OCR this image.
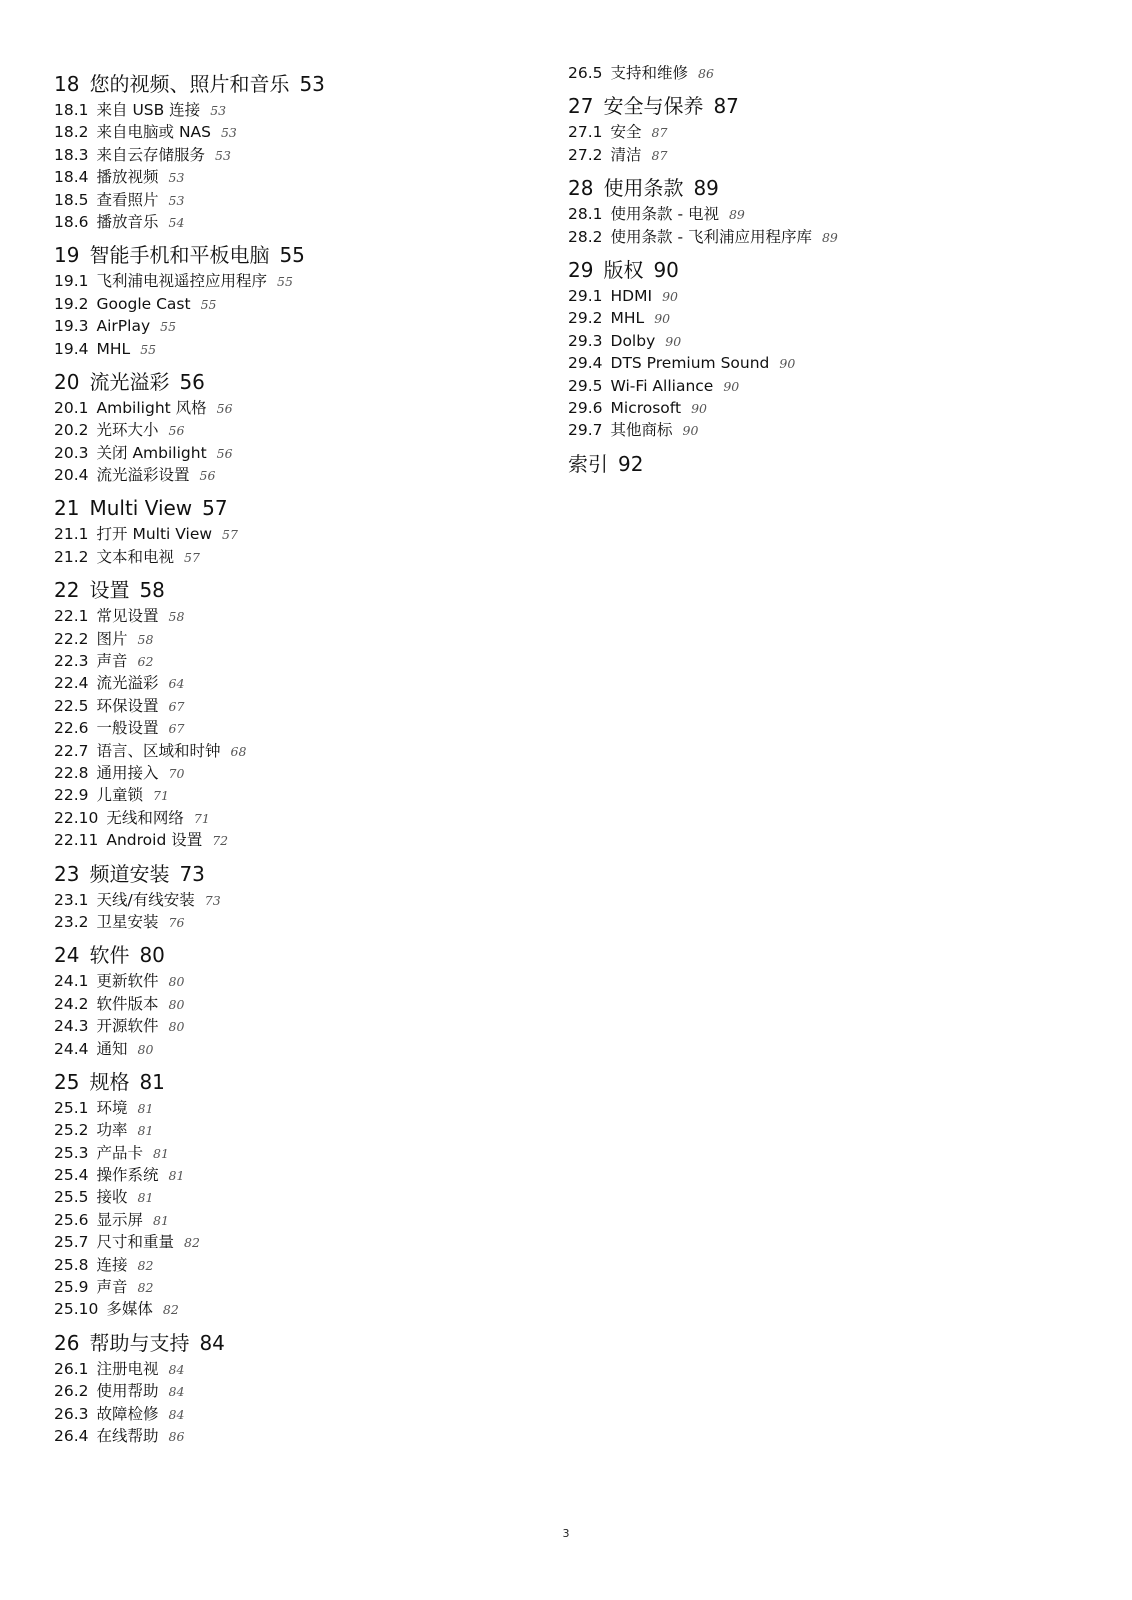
18 您的视频、照片和音乐 53
18.1 来自 USB 连接 53
18.2 来自电脑或 NAS 53
18.3 来自云存储服务 53
18.4 播放视频 53
18.5 查看照片 53
18.6 播放音乐 54
19 智能手机和平板电脑 55
19.1 飞利浦电视遥控应用程序 55
19.2 Google Cast 55
19.3 AirPlay 55
19.4 MHL 55
20 流光溢彩 56
20.1 Ambilight 风格 56
20.2 光环大小 56
20.3 关闭 Ambilight 56
20.4 流光溢彩设置 56
21 Multi View 57
21.1 打开 Multi View 57
21.2 文本和电视 57
22 设置 58
22.1 常见设置 58
22.2 图片 58
22.3 声音 62
22.4 流光溢彩 64
22.5 环保设置 67
22.6 一般设置 67
22.7 语言、区域和时钟 68
22.8 通用接入 70
22.9 儿童锁 71
22.10 无线和网络 71
22.11 Android 设置 72
23 频道安装 73
23.1 天线/有线安装 73
23.2 卫星安装 76
24 软件 80
24.1 更新软件 80
24.2 软件版本 80
24.3 开源软件 80
24.4 通知 80
25 规格 81
25.1 环境 81
25.2 功率 81
25.3 产品卡 81
25.4 操作系统 81
25.5 接收 81
25.6 显示屏 81
25.7 尺寸和重量 82
25.8 连接 82
25.9 声音 82
25.10 多媒体 82
26 帮助与支持 84
26.1 注册电视 84
26.2 使用帮助 84
26.3 故障检修 84
26.4 在线帮助 86
26.5 支持和维修 86
27 安全与保养 87
27.1 安全 87
27.2 清洁 87
28 使用条款 89
28.1 使用条款 - 电视 89
28.2 使用条款 - 飞利浦应用程序库 89
29 版权 90
29.1 HDMI 90
29.2 MHL 90
29.3 Dolby 90
29.4 DTS Premium Sound 90
29.5 Wi-Fi Alliance 90
29.6 Microsoft 90
29.7 其他商标 90
索引 92
3
